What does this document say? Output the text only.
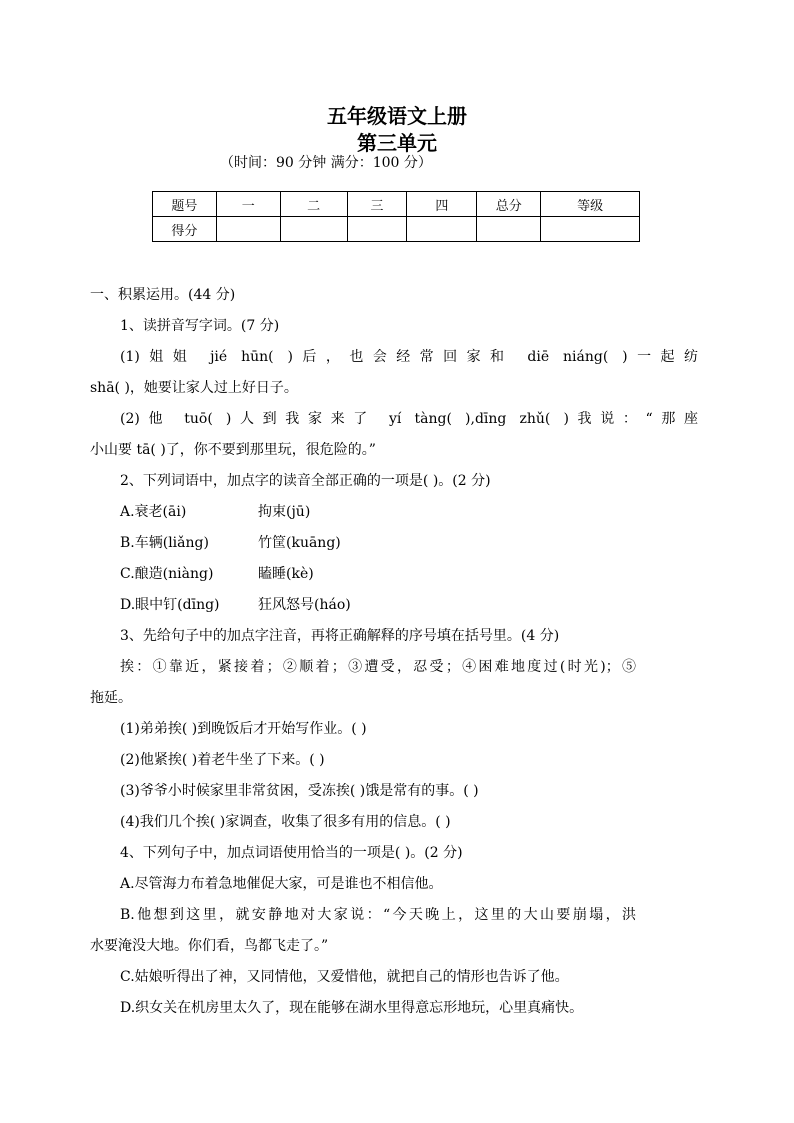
五年级语文上册
第三单元
（时间：90 分钟 满分：100 分）
题号	一	二	三	四	总分	等级
得分						
一、积累运用。(44 分)
1、读拼音写字词。(7 分)
(1)姐姐 jié hūn( )后，也会经常回家和 diē niáng( )一起纺
shā( )，她要让家人过上好日子。
(2)他 tuō( )人到我家来了 yí tàng( ),dīng zhǔ( )我说：“那座
小山要 tā( )了，你不要到那里玩，很危险的。”
2、下列词语中，加点字的读音全部正确的一项是( )。(2 分)
A.衰老(āi)	拘束(jū)
B.车辆(liǎng)	竹筐(kuāng)
C.酿造(niàng)	瞌睡(kè)
D.眼中钉(dīng)	狂风怒号(háo)
3、先给句子中的加点字注音，再将正确解释的序号填在括号里。(4 分)
挨：①靠近，紧接着；②顺着；③遭受，忍受；④困难地度过(时光)；⑤
拖延。
(1)弟弟挨( )到晚饭后才开始写作业。( )
(2)他紧挨( )着老牛坐了下来。( )
(3)爷爷小时候家里非常贫困，受冻挨( )饿是常有的事。( )
(4)我们几个挨( )家调查，收集了很多有用的信息。( )
4、下列句子中，加点词语使用恰当的一项是( )。(2 分)
A.尽管海力布着急地催促大家，可是谁也不相信他。
B.他想到这里，就安静地对大家说：“今天晚上，这里的大山要崩塌，洪
水要淹没大地。你们看，鸟都飞走了。”
C.姑娘听得出了神，又同情他，又爱惜他，就把自己的情形也告诉了他。
D.织女关在机房里太久了，现在能够在湖水里得意忘形地玩，心里真痛快。
